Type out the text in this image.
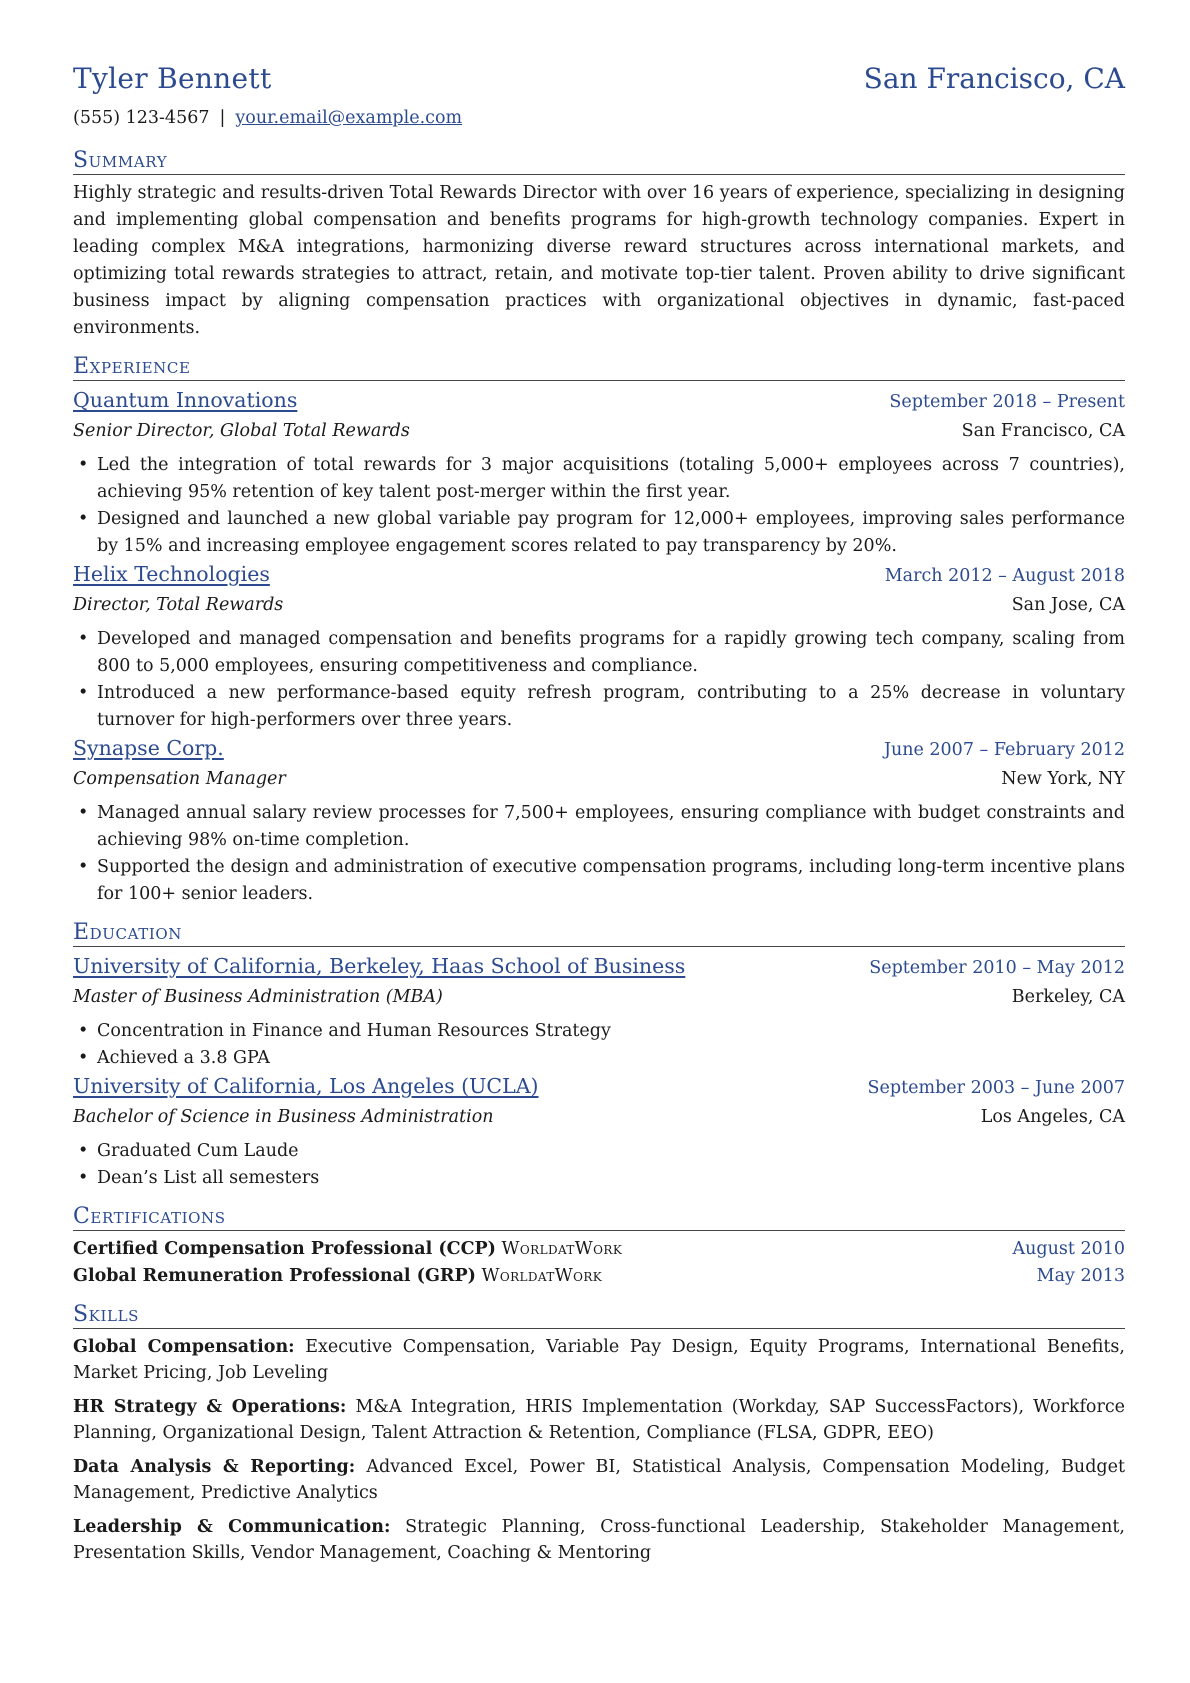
Tyler Bennett	San Francisco, CA
(555) 123-4567 | your.email@example.com
Summary
Highly strategic and results-driven Total Rewards Director with over 16 years of experience, specializing in designing and implementing global compensation and benefits programs for high-growth technology companies. Expert in leading complex M&A integrations, harmonizing diverse reward structures across international markets, and optimizing total rewards strategies to attract, retain, and motivate top-tier talent. Proven ability to drive significant business impact by aligning compensation practices with organizational objectives in dynamic, fast-paced environments.
Experience
Quantum Innovations	September 2018 – Present
Senior Director, Global Total Rewards	San Francisco, CA
• Led the integration of total rewards for 3 major acquisitions (totaling 5,000+ employees across 7 countries), achieving 95% retention of key talent post-merger within the first year.
• Designed and launched a new global variable pay program for 12,000+ employees, improving sales performance by 15% and increasing employee engagement scores related to pay transparency by 20%.
Helix Technologies	March 2012 – August 2018
Director, Total Rewards	San Jose, CA
• Developed and managed compensation and benefits programs for a rapidly growing tech company, scaling from 800 to 5,000 employees, ensuring competitiveness and compliance.
• Introduced a new performance-based equity refresh program, contributing to a 25% decrease in voluntary turnover for high-performers over three years.
Synapse Corp.	June 2007 – February 2012
Compensation Manager	New York, NY
• Managed annual salary review processes for 7,500+ employees, ensuring compliance with budget constraints and achieving 98% on-time completion.
• Supported the design and administration of executive compensation programs, including long-term incentive plans for 100+ senior leaders.
Education
University of California, Berkeley, Haas School of Business	September 2010 – May 2012
Master of Business Administration (MBA)	Berkeley, CA
• Concentration in Finance and Human Resources Strategy
• Achieved a 3.8 GPA
University of California, Los Angeles (UCLA)	September 2003 – June 2007
Bachelor of Science in Business Administration	Los Angeles, CA
• Graduated Cum Laude
• Dean’s List all semesters
Certifications
Certified Compensation Professional (CCP) WorldatWork	August 2010
Global Remuneration Professional (GRP) WorldatWork	May 2013
Skills
Global Compensation: Executive Compensation, Variable Pay Design, Equity Programs, International Benefits, Market Pricing, Job Leveling
HR Strategy & Operations: M&A Integration, HRIS Implementation (Workday, SAP SuccessFactors), Workforce Planning, Organizational Design, Talent Attraction & Retention, Compliance (FLSA, GDPR, EEO)
Data Analysis & Reporting: Advanced Excel, Power BI, Statistical Analysis, Compensation Modeling, Budget Management, Predictive Analytics
Leadership & Communication: Strategic Planning, Cross-functional Leadership, Stakeholder Management, Presentation Skills, Vendor Management, Coaching & Mentoring
